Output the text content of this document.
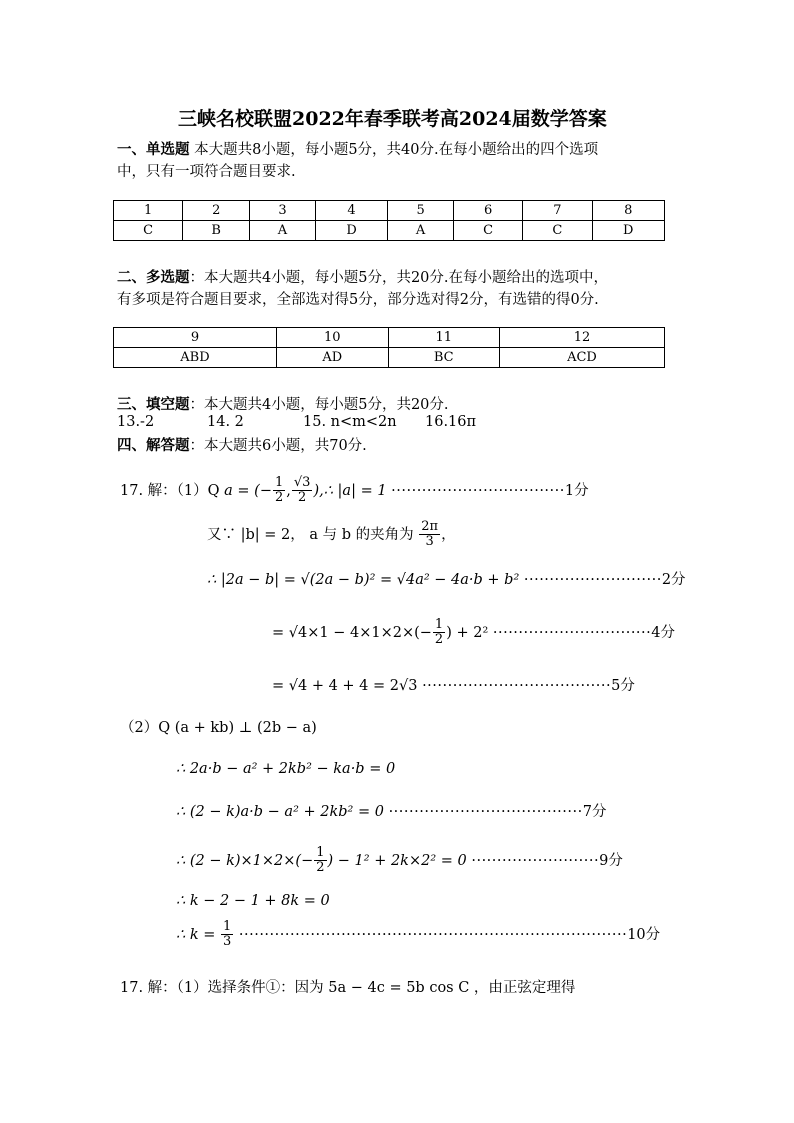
三峡名校联盟2022年春季联考高2024届数学答案
一、单选题 本大题共8小题，每小题5分，共40分.在每小题给出的四个选项
中，只有一项符合题目要求.
1	2	3	4	5	6	7	8
C	B	A	D	A	C	C	D
二、多选题：本大题共4小题，每小题5分，共20分.在每小题给出的选项中，
有多项是符合题目要求，全部选对得5分，部分选对得2分，有选错的得0分.
9	10	11	12
ABD	AD	BC	ACD
三、填空题：本大题共4小题，每小题5分，共20分.
13.-2	14. 2	15. n<m<2n 16.16π
四、解答题：本大题共6小题，共70分.
17. 解：（1）Q a = (− $\frac{1}{2}$ , $\frac{√3}{2}$ ),∴ |a| = 1 ··································1分
又∵ |b| = 2， a 与 b 的夹角为 $\frac{2\pi}{3}$ ，
∴ |2a − b| = √(2a − b)² = √4a² − 4a·b + b² ···························2分
= $√4\times 1 - 4\times 1\times 2\times(- \frac{1}{2}$ ) + 2² ·······························4分
= √4 + 4 + 4 = 2√3 ·····································5分
（2）Q (a + kb) ⊥ (2b − a)
∴ 2a·b − a² + 2kb² − ka·b = 0
∴ (2 − k)a·b − a² + 2kb² = 0 ······································7分
∴ $(2 - k)\times 1\times 2\times(- \frac{1}{2}$ ) − 1² + 2k×2² = 0 ·························9分
∴ k − 2 − 1 + 8k = 0
∴ $k = \frac{1}{3} \cdot\cdot\cdot\cdot\cdot\cdot\cdot\cdot\cdot\cdot\cdot\cdot\cdot\cdot\cdot\cdot\cdot\cdot\cdot\cdot\cdot\cdot\cdot\cdot\cdot\cdot\cdot\cdot\cdot\cdot\cdot\cdot\cdot\cdot\cdot\cdot\cdot\cdot\cdot\cdot\cdot\cdot\cdot\cdot\cdot\cdot\cdot\cdot\cdot\cdot\cdot\cdot\cdot\cdot\cdot\cdot\cdot\cdot\cdot\cdot\cdot\cdot\cdot\cdot\cdot\cdot\cdot\cdot\cdot\cdot\cdot\cdot\cdot\cdot\cdot\cdot 10$分
17. 解：（1）选择条件①：因为 5a − 4c = 5b cos C ，由正弦定理得
